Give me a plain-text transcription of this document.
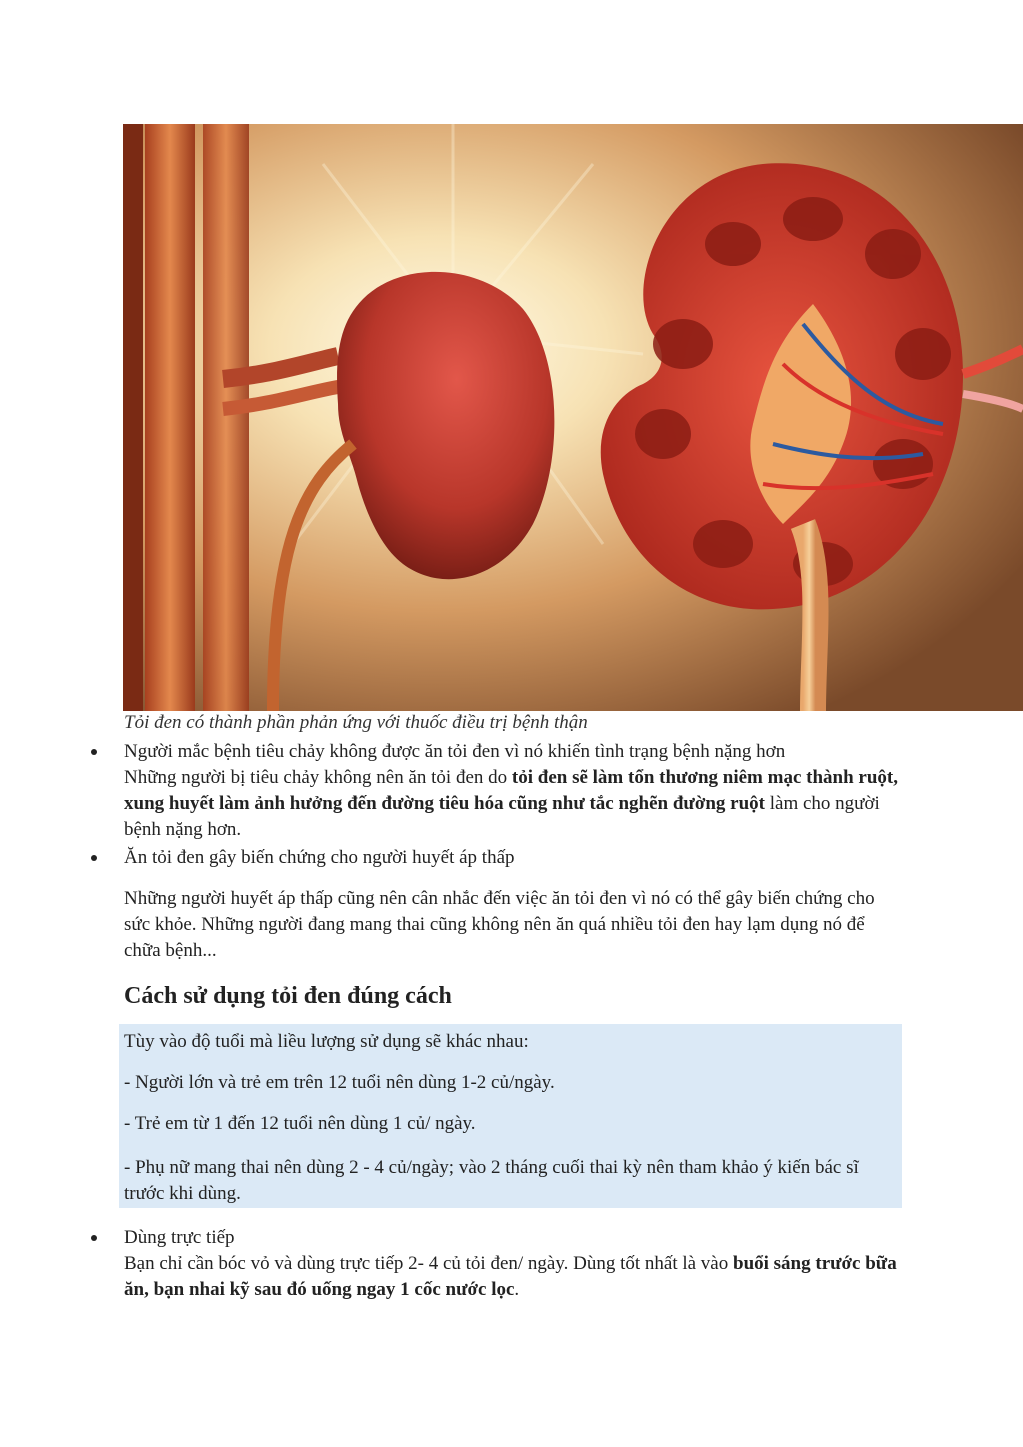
Tỏi đen có thành phần phản ứng với thuốc điều trị bệnh thận
Người mắc bệnh tiêu chảy không được ăn tỏi đen vì nó khiến tình trạng bệnh nặng hơn
Những người bị tiêu chảy không nên ăn tỏi đen do tỏi đen sẽ làm tổn thương niêm mạc thành ruột, xung huyết làm ảnh hưởng đến đường tiêu hóa cũng như tắc nghẽn đường ruột làm cho người bệnh nặng hơn.
Ăn tỏi đen gây biến chứng cho người huyết áp thấp
Những người huyết áp thấp cũng nên cân nhắc đến việc ăn tỏi đen vì nó có thể gây biến chứng cho sức khỏe. Những người đang mang thai cũng không nên ăn quá nhiều tỏi đen hay lạm dụng nó để chữa bệnh...
Cách sử dụng tỏi đen đúng cách
Tùy vào độ tuổi mà liều lượng sử dụng sẽ khác nhau:
- Người lớn và trẻ em trên 12 tuổi nên dùng 1-2 củ/ngày.
- Trẻ em từ 1 đến 12 tuổi nên dùng 1 củ/ ngày.
- Phụ nữ mang thai nên dùng 2 - 4 củ/ngày; vào 2 tháng cuối thai kỳ nên tham khảo ý kiến bác sĩ trước khi dùng.
Dùng trực tiếp
Bạn chỉ cần bóc vỏ và dùng trực tiếp 2- 4 củ tỏi đen/ ngày. Dùng tốt nhất là vào buổi sáng trước bữa ăn, bạn nhai kỹ sau đó uống ngay 1 cốc nước lọc.
